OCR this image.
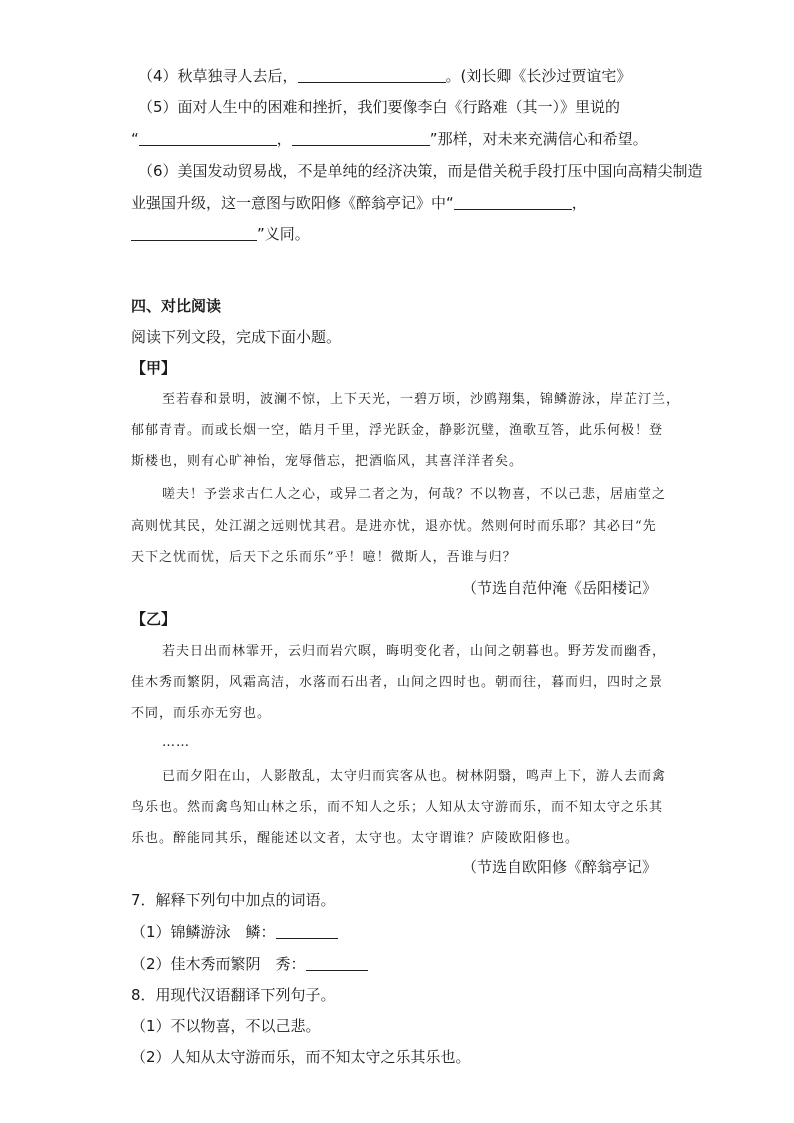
（4）秋草独寻人去后，	。(刘长卿《长沙过贾谊宅》
（5）面对人生中的困难和挫折，我们要像李白《行路难（其一）》里说的
“	，	”那样，对未来充满信心和希望。
（6）美国发动贸易战，不是单纯的经济决策，而是借关税手段打压中国向高精尖制造
业强国升级，这一意图与欧阳修《醉翁亭记》中“	，
”义同。
四、对比阅读
阅读下列文段，完成下面小题。
【甲】
至若春和景明，波澜不惊，上下天光，一碧万顷，沙鸥翔集，锦鳞游泳，岸芷汀兰，
郁郁青青。而或长烟一空，皓月千里，浮光跃金，静影沉璧，渔歌互答，此乐何极！登
斯楼也，则有心旷神怡，宠辱偕忘，把酒临风，其喜洋洋者矣。
嗟夫！予尝求古仁人之心，或异二者之为，何哉？不以物喜，不以己悲，居庙堂之
高则忧其民，处江湖之远则忧其君。是进亦忧，退亦忧。然则何时而乐耶？其必曰“先
天下之忧而忧，后天下之乐而乐”乎！噫！微斯人，吾谁与归？
（节选自范仲淹《岳阳楼记》
【乙】
若夫日出而林霏开，云归而岩穴暝，晦明变化者，山间之朝暮也。野芳发而幽香，
佳木秀而繁阴，风霜高洁，水落而石出者，山间之四时也。朝而往，暮而归，四时之景
不同，而乐亦无穷也。
……
已而夕阳在山，人影散乱，太守归而宾客从也。树林阴翳，鸣声上下，游人去而禽
鸟乐也。然而禽鸟知山林之乐，而不知人之乐；人知从太守游而乐，而不知太守之乐其
乐也。醉能同其乐，醒能述以文者，太守也。太守谓谁？庐陵欧阳修也。
（节选自欧阳修《醉翁亭记》
7．解释下列句中加点的词语。
（1）锦鳞游泳　鳞：
（2）佳木秀而繁阴　秀：
8．用现代汉语翻译下列句子。
（1）不以物喜，不以己悲。
（2）人知从太守游而乐，而不知太守之乐其乐也。
